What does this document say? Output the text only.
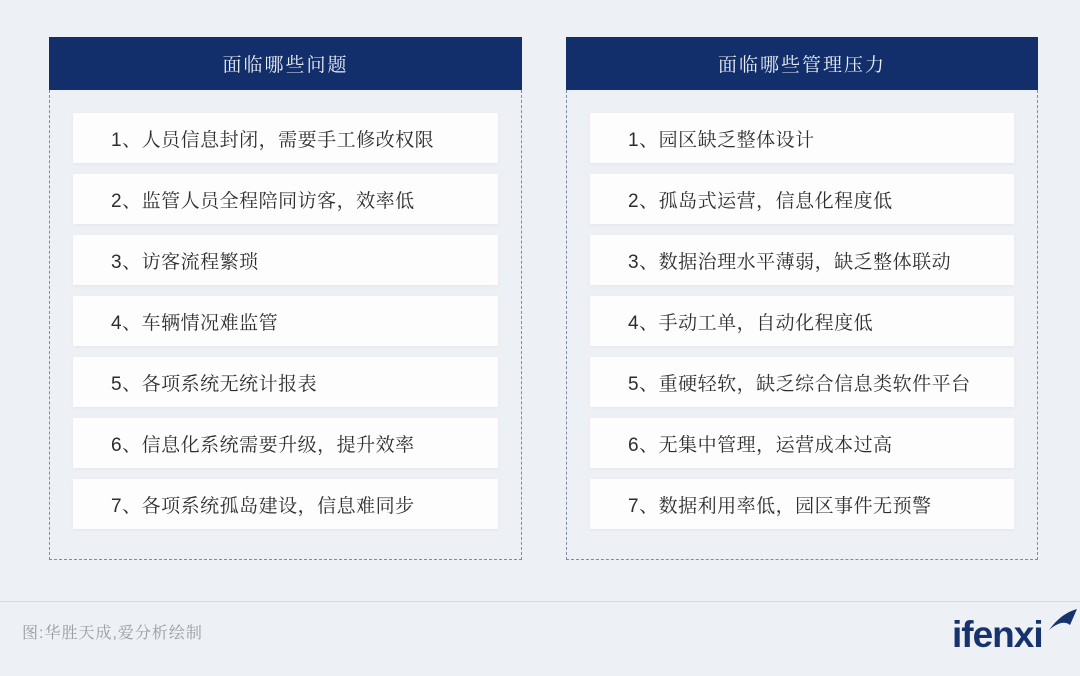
面临哪些问题
1、人员信息封闭，需要手工修改权限
2、监管人员全程陪同访客，效率低
3、访客流程繁琐
4、车辆情况难监管
5、各项系统无统计报表
6、信息化系统需要升级，提升效率
7、各项系统孤岛建设，信息难同步
面临哪些管理压力
1、园区缺乏整体设计
2、孤岛式运营，信息化程度低
3、数据治理水平薄弱，缺乏整体联动
4、手动工单，自动化程度低
5、重硬轻软，缺乏综合信息类软件平台
6、无集中管理，运营成本过高
7、数据利用率低，园区事件无预警
图:华胜天成,爱分析绘制	ifenxi
